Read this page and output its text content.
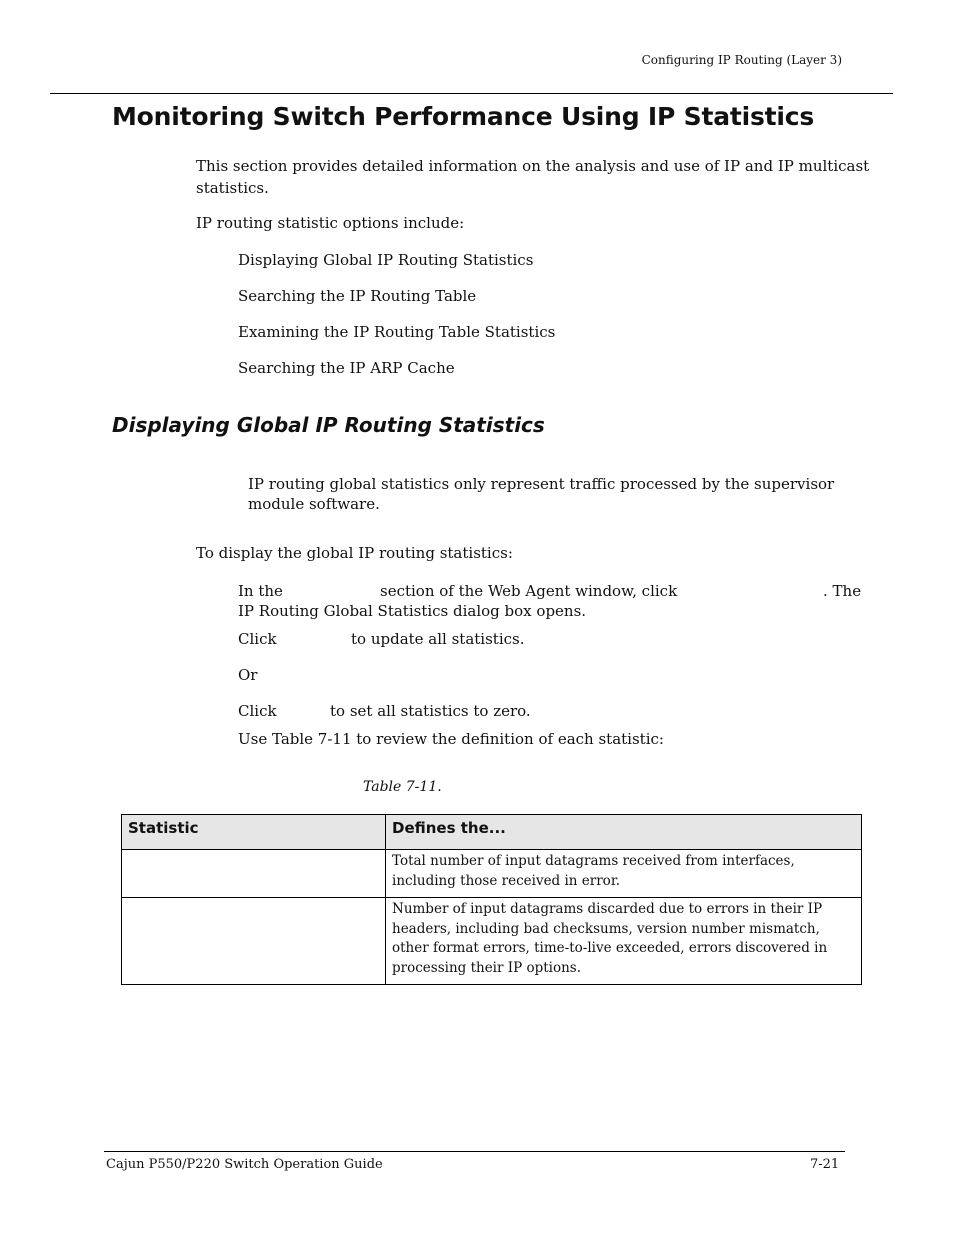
Configuring IP Routing (Layer 3)
Monitoring Switch Performance Using IP Statistics

This section provides detailed information on the analysis and use of IP and IP multicast statistics.

IP routing statistic options include:

Displaying Global IP Routing Statistics
Searching the IP Routing Table
Examining the IP Routing Table Statistics
Searching the IP ARP Cache
Displaying Global IP Routing Statistics

IP routing global statistics only represent traffic processed by the supervisor module software.

To display the global IP routing statistics:

In the	section of the Web Agent window, click	. The
IP Routing Global Statistics dialog box opens.
Click	to update all statistics.
Or
Click	to set all statistics to zero.
Use Table 7-11 to review the definition of each statistic:
Table 7-11.
Statistic	Defines the...
	Total number of input datagrams received from interfaces, including those received in error.
	Number of input datagrams discarded due to errors in their IP headers, including bad checksums, version number mismatch, other format errors, time-to-live exceeded, errors discovered in processing their IP options.
Cajun P550/P220 Switch Operation Guide	7-21
